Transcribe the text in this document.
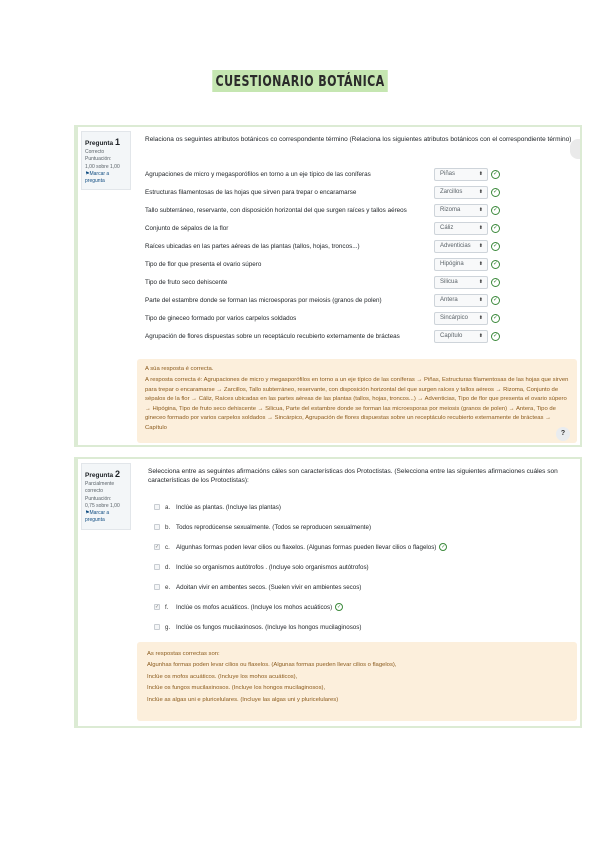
CUESTIONARIO BOTÁNICA
Pregunta 1
Correcto
Puntuación:
1,00 sobre 1,00
⚑Marcar a pregunta
Relaciona os seguintes atributos botánicos co correspondente término (Relaciona los siguientes atributos botánicos con el correspondiente término)
Agrupaciones de micro y megasporófilos en torno a un eje típico de las coníferas	Piñas	⬍	✓
Estructuras filamentosas de las hojas que sirven para trepar o encaramarse	Zarcillos	⬍	✓
Tallo subterráneo, reservante, con disposición horizontal del que surgen raíces y tallos aéreos	Rizoma	⬍	✓
Conjunto de sépalos de la flor	Cáliz	⬍	✓
Raíces ubicadas en las partes aéreas de las plantas (tallos, hojas, troncos...)	Adventicias ⬍	✓
Tipo de flor que presenta el ovario súpero	Hipógina	⬍	✓
Tipo de fruto seco dehiscente	Silicua	⬍	✓
Parte del estambre donde se forman las microesporas por meiosis (granos de polen)	Antera	⬍	✓
Tipo de gineceo formado por varios carpelos soldados	Sincárpico ⬍	✓
Agrupación de flores dispuestas sobre un receptáculo recubierto externamente de brácteas	Capítulo	⬍	✓

A súa resposta é correcta.

A resposta correcta é: Agrupaciones de micro y megasporófilos en torno a un eje típico de las coníferas → Piñas, Estructuras filamentosas de las hojas que sirven para trepar o encaramarse → Zarcillos, Tallo subterráneo, reservante, con disposición horizontal del que surgen raíces y tallos aéreos → Rizoma, Conjunto de sépalos de la flor → Cáliz, Raíces ubicadas en las partes aéreas de las plantas (tallos, hojas, troncos...) → Adventicias, Tipo de flor que presenta el ovario súpero → Hipógina, Tipo de fruto seco dehiscente → Silicua, Parte del estambre donde se forman las microesporas por meiosis (granos de polen) → Antera, Tipo de gineceo formado por varios carpelos soldados → Sincárpico, Agrupación de flores dispuestas sobre un receptáculo recubierto externamente de brácteas → Capítulo

?
Pregunta 2
Parcialmente correcto
Puntuación:
0,75 sobre 1,00
⚑Marcar a pregunta
Selecciona entre as seguintes afirmacións cáles son características dos Protoctistas. (Selecciona entre las siguientes afirmaciones cuáles son características de los Protoctistas):
a. Inclúe as plantas. (Incluye las plantas)
b. Todos reprodúcense sexualmente. (Todos se reproducen sexualmente)
✓ c. Algunhas formas poden levar cilios ou flaxelos. (Algunas formas pueden llevar cilios o flagelos) ✓
d. Inclúe so organismos autótrofos . (Incluye solo organismos autótrofos)
e. Adoitan vivir en ambentes secos. (Suelen vivir en ambientes secos)
✓ f.	Inclúe os mofos acuáticos. (Incluye los mohos acuáticos) ✓
g. Inclúe os fungos mucilaxinosos. (Incluye los hongos mucilaginosos)

As respostas correctas son:

Algunhas formas poden levar cilios ou flaxelos. (Algunas formas pueden llevar cilios o flagelos),

Inclúe os mofos acuáticos. (Incluye los mohos acuáticos),

Inclúe os fungos mucilaxinosos. (Incluye los hongos mucilaginosos),

Inclúe as algas uni e pluricelulares. (Incluye las algas uni y pluricelulares)
